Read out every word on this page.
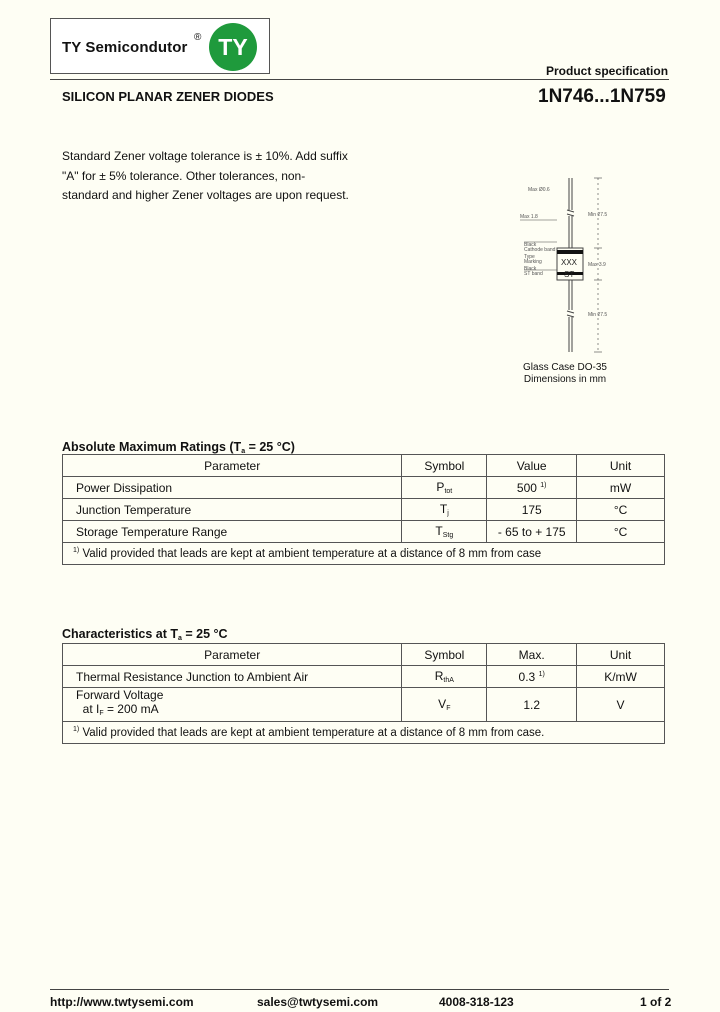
TY Semicondutor
® TY
Product specification
SILICON PLANAR ZENER DIODES	1N746...1N759
Standard Zener voltage tolerance is ± 10%. Add suffix
"A" for ± 5% tolerance. Other tolerances, non-
standard and higher Zener voltages are upon request.	Max Ø0.6
Max 1.8	Min 27.5
Max 3.9
Min 27.5
Black
Cathode band
Type
Marking
Black
ST band
XXX
ST
Glass Case DO-35
Dimensions in mm
Absolute Maximum Ratings ($T_a = 25$ °C)
Parameter	Symbol	Value	Unit
Power Dissipation	$P_{tot}$	500 $^{1)}$	mW
Junction Temperature	$T_j$	175	°C
Storage Temperature Range	$T_{Stg}$	- 65 to + 175	°C
$^{1)}$ Valid provided that leads are kept at ambient temperature at a distance of 8 mm from case			
Characteristics at $T_a = 25$ °C
Parameter	Symbol	Max.	Unit
Thermal Resistance Junction to Ambient Air	$R_{thA}$	0.3 $^{1)}$	K/mW

Forward Voltage
at $I_F = 200$ mA	$V_F$	1.2	V
$^{1)}$ Valid provided that leads are kept at ambient temperature at a distance of 8 mm from case.			
http://www.twtysemi.com	sales@twtysemi.com	4008-318-123	1 of 2
